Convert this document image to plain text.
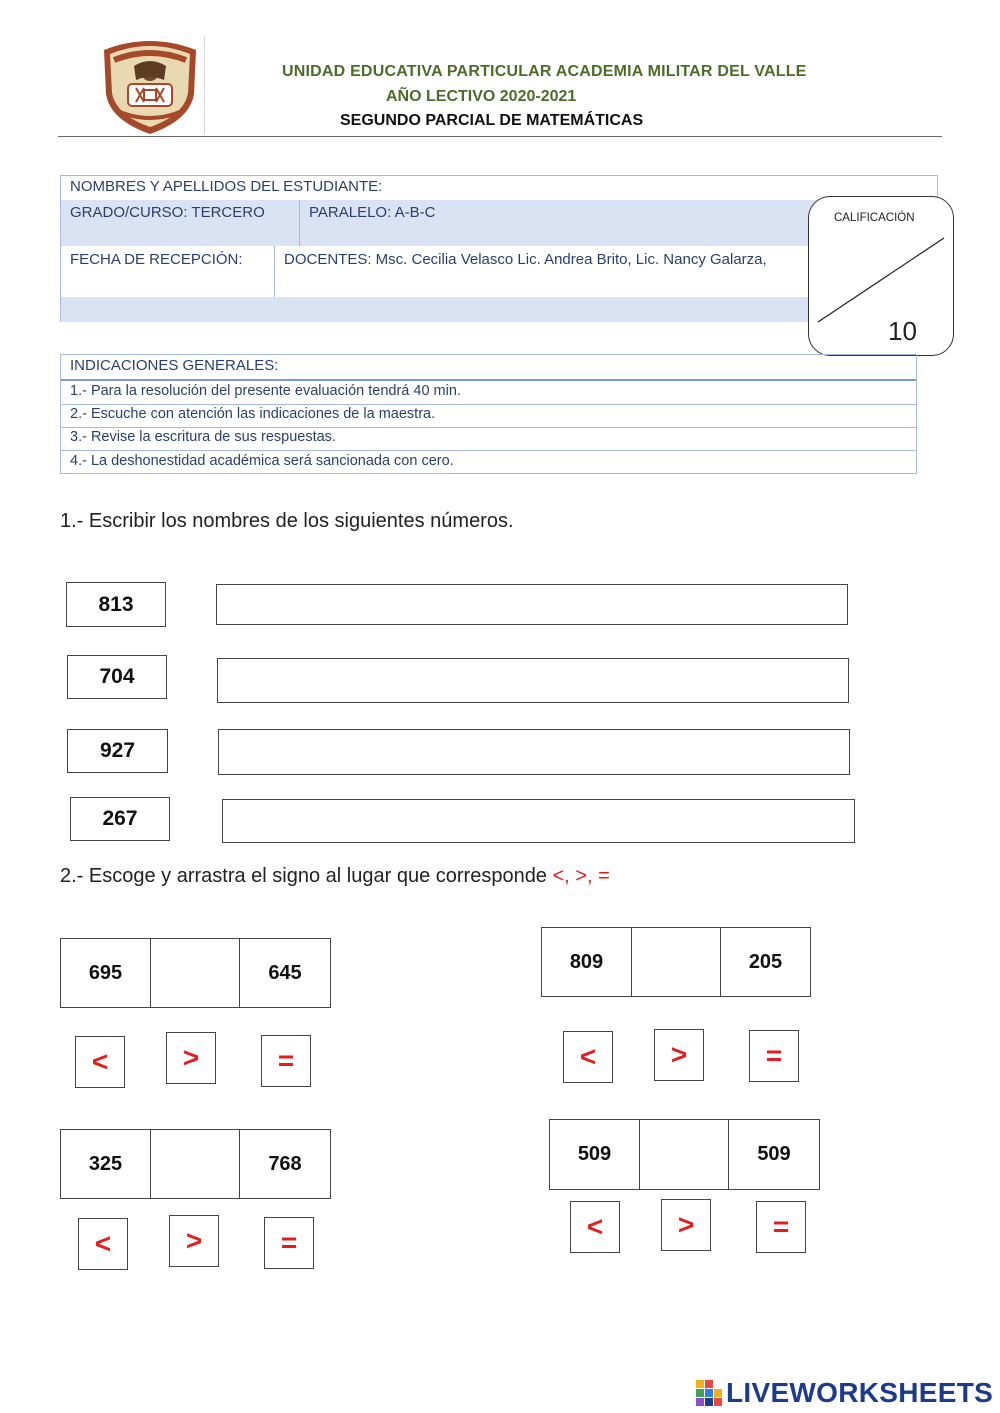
UNIDAD EDUCATIVA PARTICULAR ACADEMIA MILITAR DEL VALLE
AÑO LECTIVO 2020-2021
SEGUNDO PARCIAL DE MATEMÁTICAS
NOMBRES Y APELLIDOS DEL ESTUDIANTE:
GRADO/CURSO: TERCERO	PARALELO: A-B-C
FECHA DE RECEPCIÓN:	DOCENTES: Msc. Cecilia Velasco Lic. Andrea Brito, Lic. Nancy Galarza,
CALIFICACIÓN
10
INDICACIONES GENERALES:
1.- Para la resolución del presente evaluación tendrá 40 min.
2.- Escuche con atención las indicaciones de la maestra.
3.- Revise la escritura de sus respuestas.
4.- La deshonestidad académica será sancionada con cero.
1.- Escribir los nombres de los siguientes números.
813
704
927
267
2.- Escoge y arrastra el signo al lugar que corresponde <, >, =
695	645
<	>	=
809	205
<	>	=
325	768
<	>	=
509	509
<	>	=
LIVEWORKSHEETS
